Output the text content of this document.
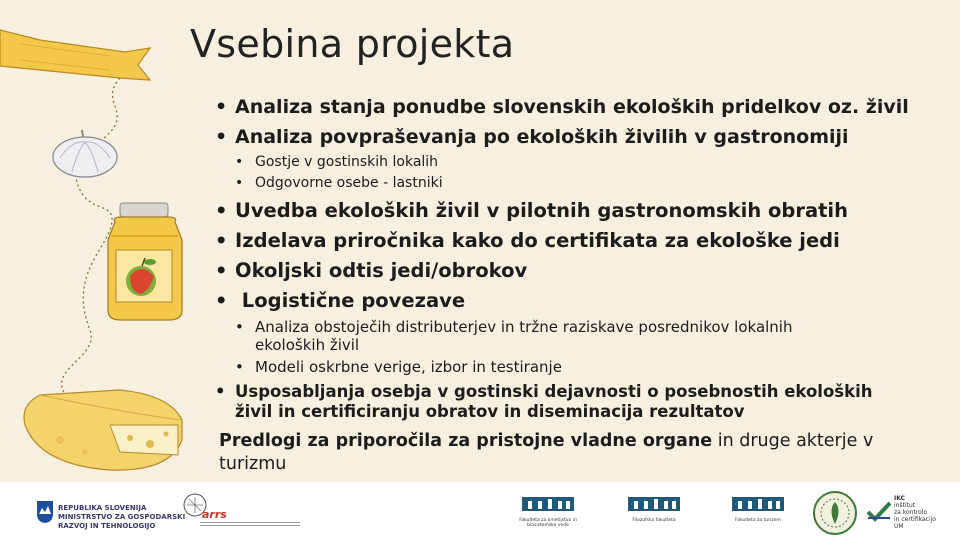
Vsebina projekta
• Analiza stanja ponudbe slovenskih ekoloških pridelkov oz. živil
• Analiza povpraševanja po ekoloških živilih v gastronomiji
• Gostje v gostinskih lokalih
• Odgovorne osebe - lastniki
• Uvedba ekoloških živil v pilotnih gastronomskih obratih
• Izdelava priročnika kako do certifikata za ekološke jedi
• Okoljski odtis jedi/obrokov
•  Logistične povezave
• Analiza obstoječih distributerjev in tržne raziskave posrednikov lokalnih ekoloških živil
• Modeli oskrbne verige, izbor in testiranje
• Usposabljanja osebja v gostinski dejavnosti o posebnostih ekoloških živil in certificiranju obratov in diseminacija rezultatov
Predlogi za priporočila za pristojne vladne organe in druge akterje v turizmu
REPUBLIKA SLOVENIJA
MINISTRSTVO ZA GOSPODARSKI
RAZVOJ IN TEHNOLOGIJO
arrs	Fakulteta za kmetijstvo in biosistemske vede
Filozofska fakulteta	Fakulteta za turizem
IKC
inštitut
za kontrolo
in certifikacijo
UM
